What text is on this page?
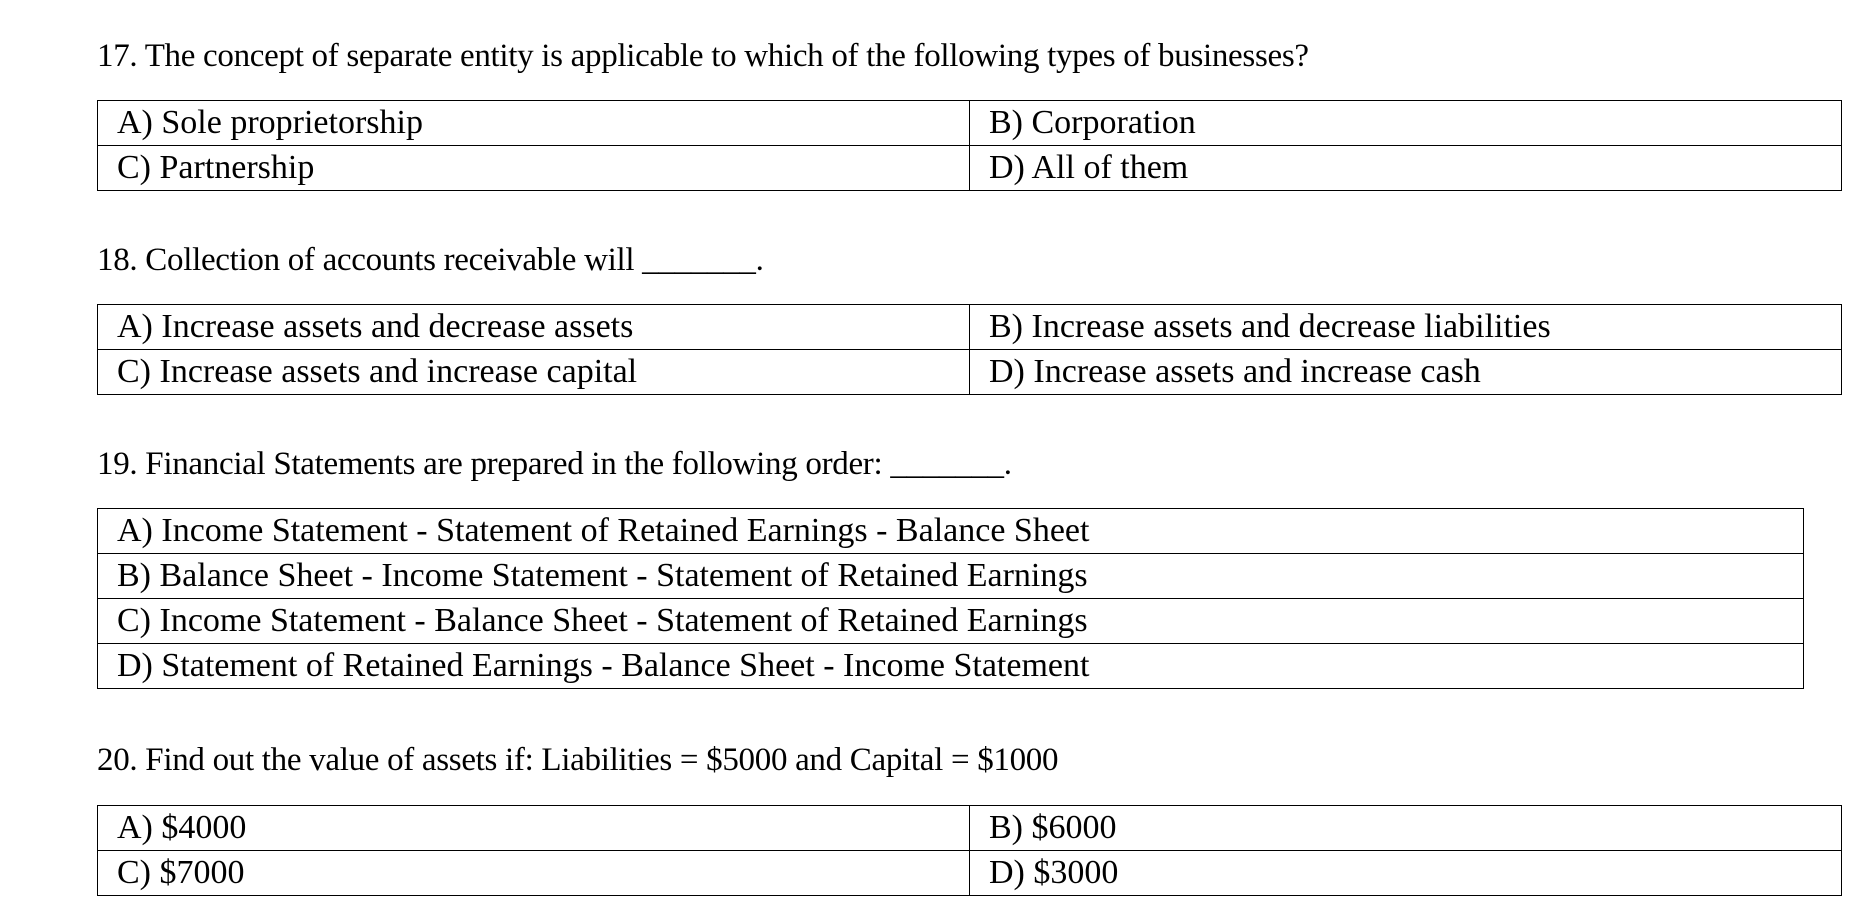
17. The concept of separate entity is applicable to which of the following types of businesses?
A) Sole proprietorship	B) Corporation
C) Partnership	D) All of them
18. Collection of accounts receivable will _______.
A) Increase assets and decrease assets	B) Increase assets and decrease liabilities
C) Increase assets and increase capital	D) Increase assets and increase cash
19. Financial Statements are prepared in the following order: _______.
A) Income Statement - Statement of Retained Earnings - Balance Sheet
B) Balance Sheet - Income Statement - Statement of Retained Earnings
C) Income Statement - Balance Sheet - Statement of Retained Earnings
D) Statement of Retained Earnings - Balance Sheet - Income Statement
20. Find out the value of assets if: Liabilities = $5000 and Capital = $1000
A) $4000	B) $6000
C) $7000	D) $3000
